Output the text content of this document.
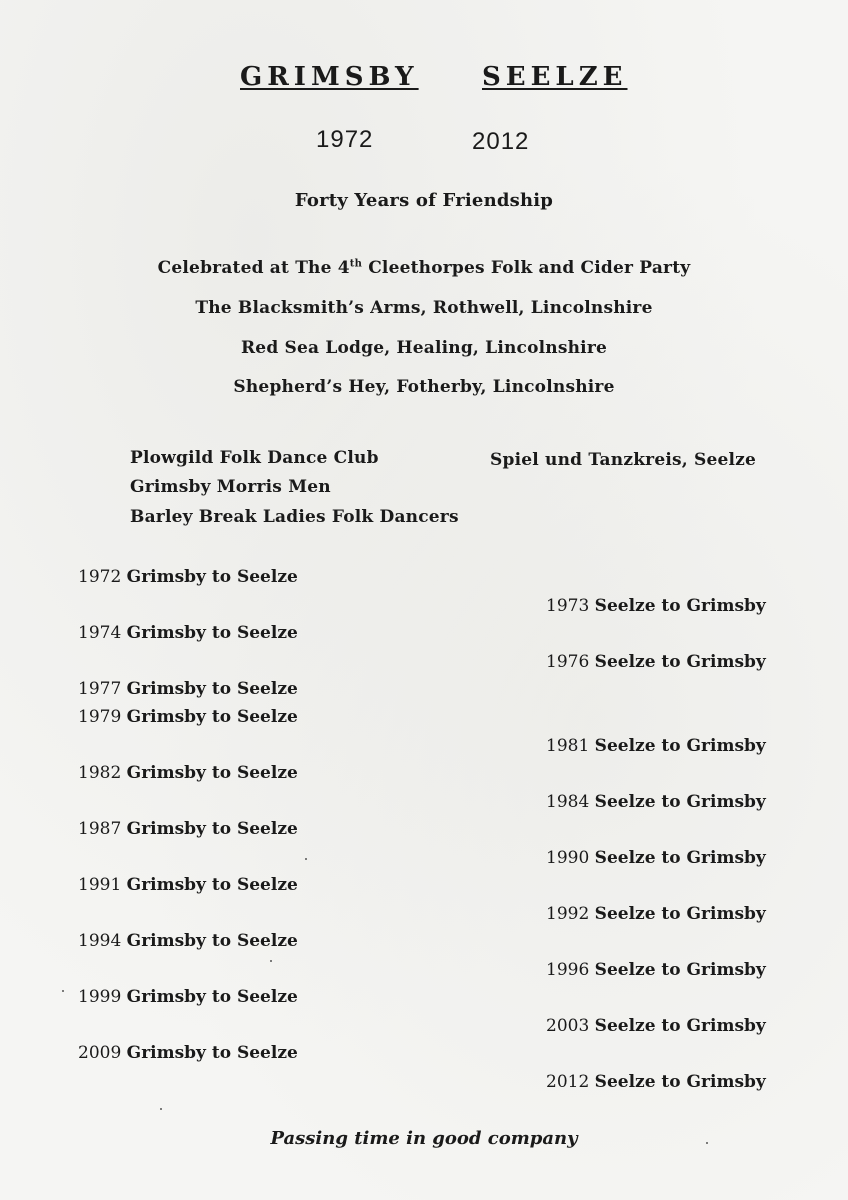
GRIMSBY SEELZE
1972	2012
Forty Years of Friendship
Celebrated at The 4th Cleethorpes Folk and Cider Party
The Blacksmith’s Arms, Rothwell, Lincolnshire
Red Sea Lodge, Healing, Lincolnshire
Shepherd’s Hey, Fotherby, Lincolnshire
Plowgild Folk Dance Club
Grimsby Morris Men
Barley Break Ladies Folk Dancers
Spiel und Tanzkreis, Seelze
1972 Grimsby to Seelze
1974 Grimsby to Seelze
1977 Grimsby to Seelze
1979 Grimsby to Seelze
1982 Grimsby to Seelze
1987 Grimsby to Seelze
1991 Grimsby to Seelze
1994 Grimsby to Seelze
1999 Grimsby to Seelze
2009 Grimsby to Seelze
1973 Seelze to Grimsby
1976 Seelze to Grimsby
1981 Seelze to Grimsby
1984 Seelze to Grimsby
1990 Seelze to Grimsby
1992 Seelze to Grimsby
1996 Seelze to Grimsby
2003 Seelze to Grimsby
2012 Seelze to Grimsby
Passing time in good company
